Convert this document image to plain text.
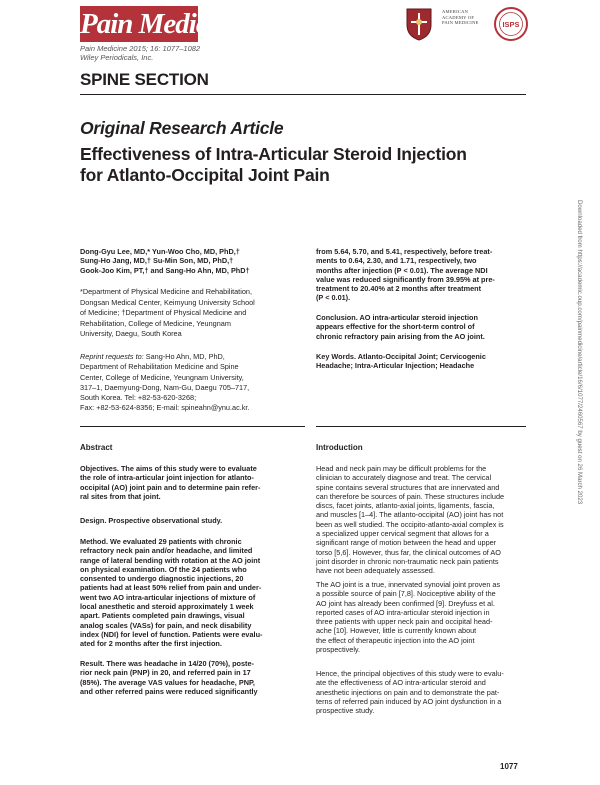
Pain Medicine	AMERICAN
ACADEMY OF
PAIN MEDICINE	ISPS
Pain Medicine 2015; 16: 1077–1082
Wiley Periodicals, Inc.
SPINE SECTION
Original Research Article
Effectiveness of Intra-Articular Steroid Injection
for Atlanto-Occipital Joint Pain
Downloaded from https://academic.oup.com/painmedicine/article/16/6/1077/2460567 by guest on 26 March 2023
Dong-Gyu Lee, MD,* Yun-Woo Cho, MD, PhD,†
Sung-Ho Jang, MD,† Su-Min Son, MD, PhD,†
Gook-Joo Kim, PT,† and Sang-Ho Ahn, MD, PhD†
*Department of Physical Medicine and Rehabilitation,
Dongsan Medical Center, Keimyung University School
of Medicine; †Department of Physical Medicine and
Rehabilitation, College of Medicine, Yeungnam
University, Daegu, South Korea
Reprint requests to: Sang-Ho Ahn, MD, PhD,
Department of Rehabilitation Medicine and Spine
Center, College of Medicine, Yeungnam University,
317–1, Daemyung-Dong, Nam-Gu, Daegu 705–717,
South Korea. Tel: +82-53-620-3268;
Fax: +82-53-624-8356; E-mail: spineahn@ynu.ac.kr.
Abstract
Objectives. The aims of this study were to evaluate
the role of intra-articular joint injection for atlanto-
occipital (AO) joint pain and to determine pain refer-
ral sites from that joint.
Design. Prospective observational study.
Method. We evaluated 29 patients with chronic
refractory neck pain and/or headache, and limited
range of lateral bending with rotation at the AO joint
on physical examination. Of the 24 patients who
consented to undergo diagnostic injections, 20
patients had at least 50% relief from pain and under-
went two AO intra-articular injections of mixture of
local anesthetic and steroid approximately 1 week
apart. Patients completed pain drawings, visual
analog scales (VASs) for pain, and neck disability
index (NDI) for level of function. Patients were evalu-
ated for 2 months after the first injection.
Result. There was headache in 14/20 (70%), poste-
rior neck pain (PNP) in 20, and referred pain in 17
(85%). The average VAS values for headache, PNP,
and other referred pains were reduced significantly
from 5.64, 5.70, and 5.41, respectively, before treat-
ments to 0.64, 2.30, and 1.71, respectively, two
months after injection (P < 0.01). The average NDI
value was reduced significantly from 39.95% at pre-
treatment to 20.40% at 2 months after treatment
(P < 0.01).
Conclusion. AO intra-articular steroid injection
appears effective for the short-term control of
chronic refractory pain arising from the AO joint.
Key Words. Atlanto-Occipital Joint; Cervicogenic
Headache; Intra-Articular Injection; Headache
Introduction
Head and neck pain may be difficult problems for the
clinician to accurately diagnose and treat. The cervical
spine contains several structures that are innervated and
can therefore be sources of pain. These structures include
discs, facet joints, atlanto-axial joints, ligaments, fascia,
and muscles [1–4]. The atlanto-occipital (AO) joint has not
been as well studied. The occipito-atlanto-axial complex is
a specialized upper cervical segment that allows for a
significant range of motion between the head and upper
torso [5,6]. However, thus far, the clinical outcomes of AO
joint disorder in chronic non-traumatic neck pain patients
have not been adequately assessed.
The AO joint is a true, innervated synovial joint proven as
a possible source of pain [7,8]. Nociceptive ability of the
AO joint has already been confirmed [9]. Dreyfuss et al.
reported cases of AO intra-articular steroid injection in
three patients with upper neck pain and occipital head-
ache [10]. However, little is currently known about
the effect of therapeutic injection into the AO joint
prospectively.
Hence, the principal objectives of this study were to evalu-
ate the effectiveness of AO intra-articular steroid and
anesthetic injections on pain and to demonstrate the pat-
terns of referred pain induced by AO joint dysfunction in a
prospective study.
1077
